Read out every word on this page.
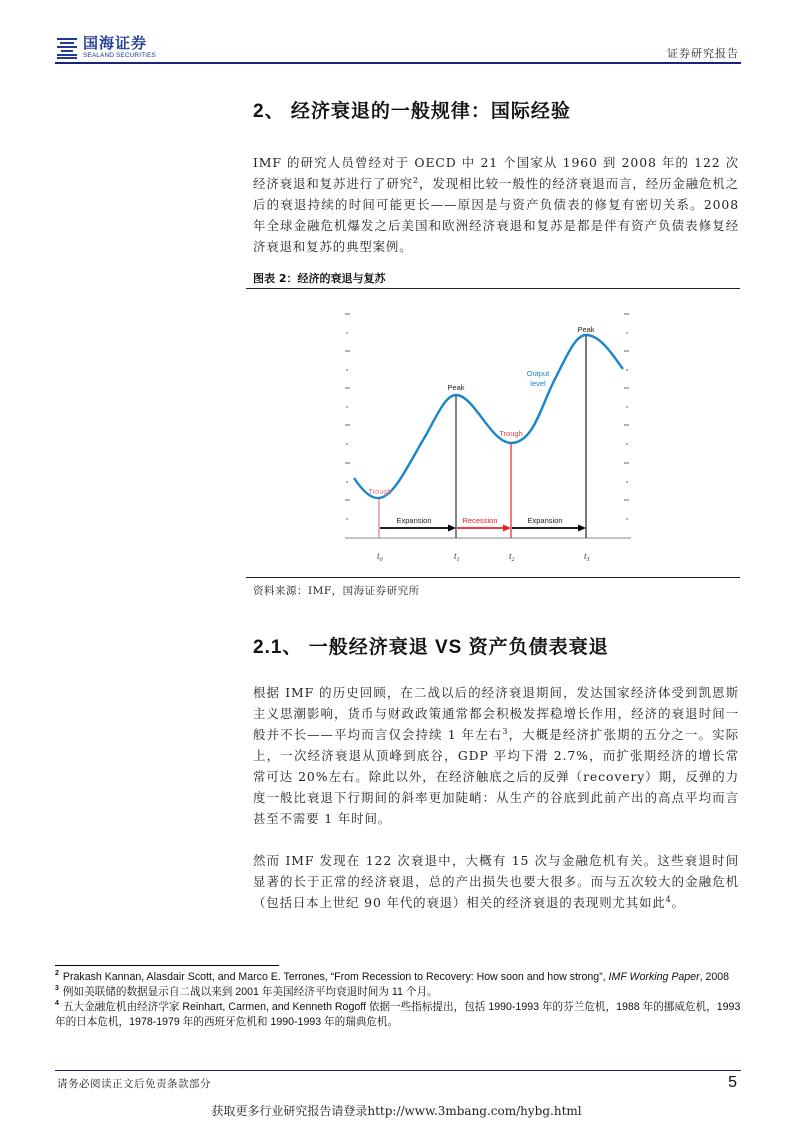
国海证券
SEALAND SECURITIES	证券研究报告
2、 经济衰退的一般规律：国际经验
IMF 的研究人员曾经对于 OECD 中 21 个国家从 1960 到 2008 年的 122 次经济衰退和复苏进行了研究$^2$，发现相比较一般性的经济衰退而言，经历金融危机之后的衰退持续的时间可能更长——原因是与资产负债表的修复有密切关系。2008 年全球金融危机爆发之后美国和欧洲经济衰退和复苏是都是伴有资产负债表修复经济衰退和复苏的典型案例。
图表 2：经济的衰退与复苏
Peak
Peak
Trough
Trough
Output
level
Expansion	Recession	Expansion
$t_0$	$t_1$	$t_2$	$t_3$
资料来源：IMF，国海证券研究所
2.1、 一般经济衰退 VS 资产负债表衰退
根据 IMF 的历史回顾，在二战以后的经济衰退期间，发达国家经济体受到凯恩斯主义思潮影响，货币与财政政策通常都会积极发挥稳增长作用，经济的衰退时间一般并不长——平均而言仅会持续 1 年左右$^3$，大概是经济扩张期的五分之一。实际上，一次经济衰退从顶峰到底谷，GDP 平均下滑 2.7%，而扩张期经济的增长常常可达 20%左右。除此以外，在经济触底之后的反弹（recovery）期，反弹的力度一般比衰退下行期间的斜率更加陡峭：从生产的谷底到此前产出的高点平均而言甚至不需要 1 年时间。
然而 IMF 发现在 122 次衰退中，大概有 15 次与金融危机有关。这些衰退时间显著的长于正常的经济衰退，总的产出损失也要大很多。而与五次较大的金融危机（包括日本上世纪 90 年代的衰退）相关的经济衰退的表现则尤其如此$^4$。
$^2$ Prakash Kannan, Alasdair Scott, and Marco E. Terrones, “From Recession to Recovery: How soon and how strong”, IMF Working Paper, 2008
$^3$ 例如美联储的数据显示自二战以来到 2001 年美国经济平均衰退时间为 11 个月。
$^4$ 五大金融危机由经济学家 Reinhart, Carmen, and Kenneth Rogoff 依据一些指标提出，包括 1990-1993 年的芬兰危机，1988 年的挪威危机，1993 年的日本危机，1978-1979 年的西班牙危机和 1990-1993 年的瑞典危机。
请务必阅读正文后免责条款部分	5
获取更多行业研究报告请登录http://www.3mbang.com/hybg.html
